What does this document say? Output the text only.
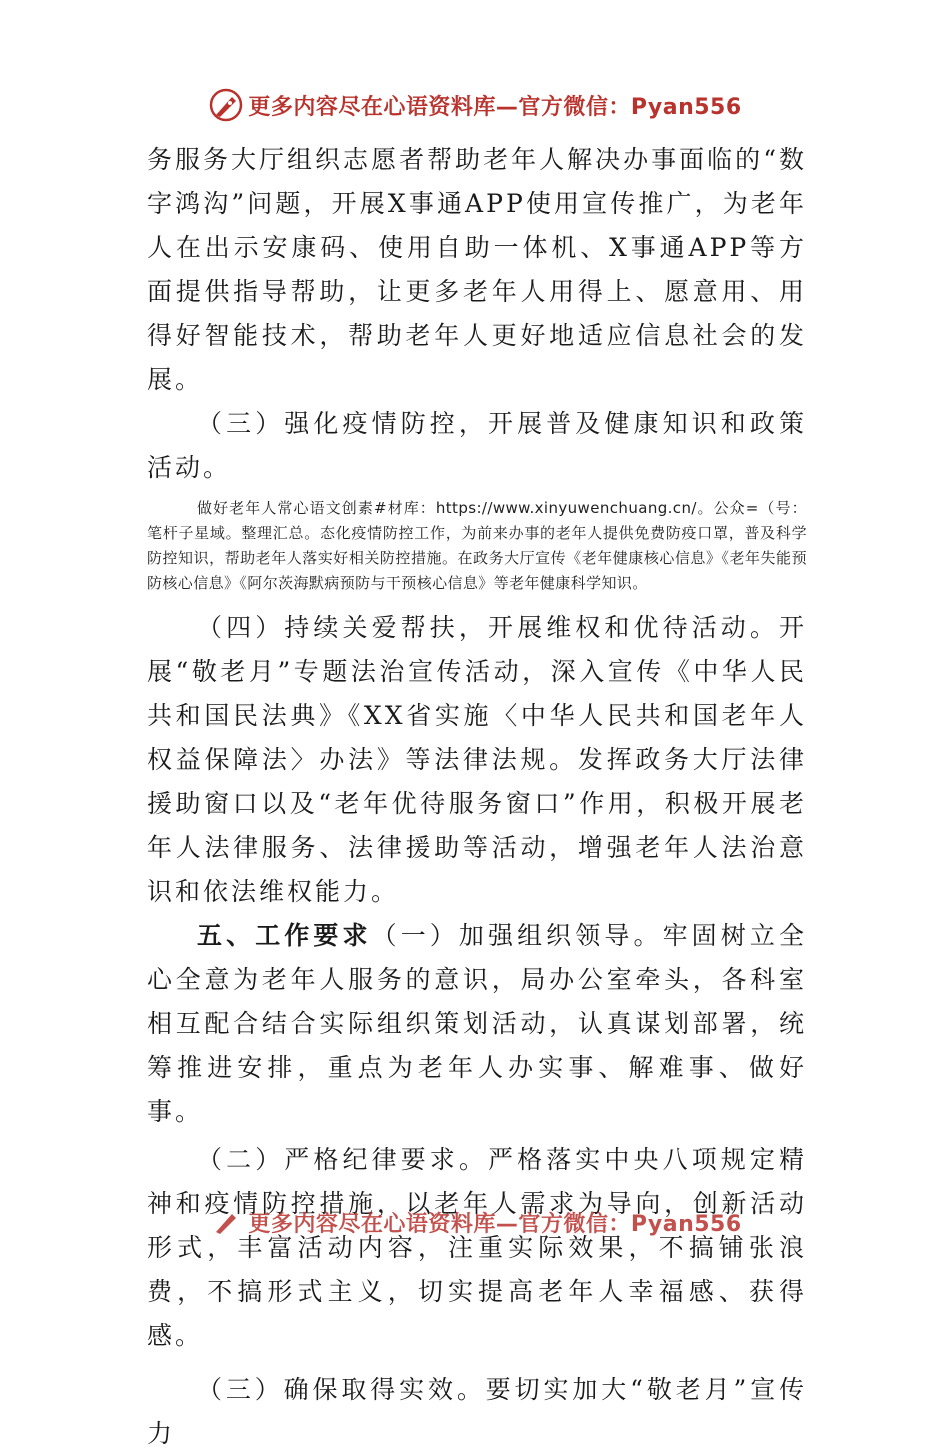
更多内容尽在心语资料库—官方微信：Pyan556

务服务大厅组织志愿者帮助老年人解决办事面临的“数字鸿沟”问题，开展X事通APP使用宣传推广，为老年人在出示安康码、使用自助一体机、X事通APP等方面提供指导帮助，让更多老年人用得上、愿意用、用得好智能技术，帮助老年人更好地适应信息社会的发展。

（三）强化疫情防控，开展普及健康知识和政策活动。

做好老年人常心语文创素#材库：https://www.xinyuwenchuang.cn/。公众=（号：笔杆子星域。整理汇总。态化疫情防控工作，为前来办事的老年人提供免费防疫口罩，普及科学防控知识，帮助老年人落实好相关防控措施。在政务大厅宣传《老年健康核心信息》《老年失能预防核心信息》《阿尔茨海默病预防与干预核心信息》等老年健康科学知识。

（四）持续关爱帮扶，开展维权和优待活动。开展“敬老月”专题法治宣传活动，深入宣传《中华人民共和国民法典》《XX省实施〈中华人民共和国老年人权益保障法〉办法》等法律法规。发挥政务大厅法律援助窗口以及“老年优待服务窗口”作用，积极开展老年人法律服务、法律援助等活动，增强老年人法治意识和依法维权能力。

五、工作要求（一）加强组织领导。牢固树立全心全意为老年人服务的意识，局办公室牵头，各科室相互配合结合实际组织策划活动，认真谋划部署，统筹推进安排，重点为老年人办实事、解难事、做好事。

（二）严格纪律要求。严格落实中央八项规定精神和疫情防控措施，以老年人需求为导向，创新活动形式，丰富活动内容，注重实际效果，不搞铺张浪费，不搞形式主义，切实提高老年人幸福感、获得感。

（三）确保取得实效。要切实加大“敬老月”宣传力

更多内容尽在心语资料库—官方微信：Pyan556
